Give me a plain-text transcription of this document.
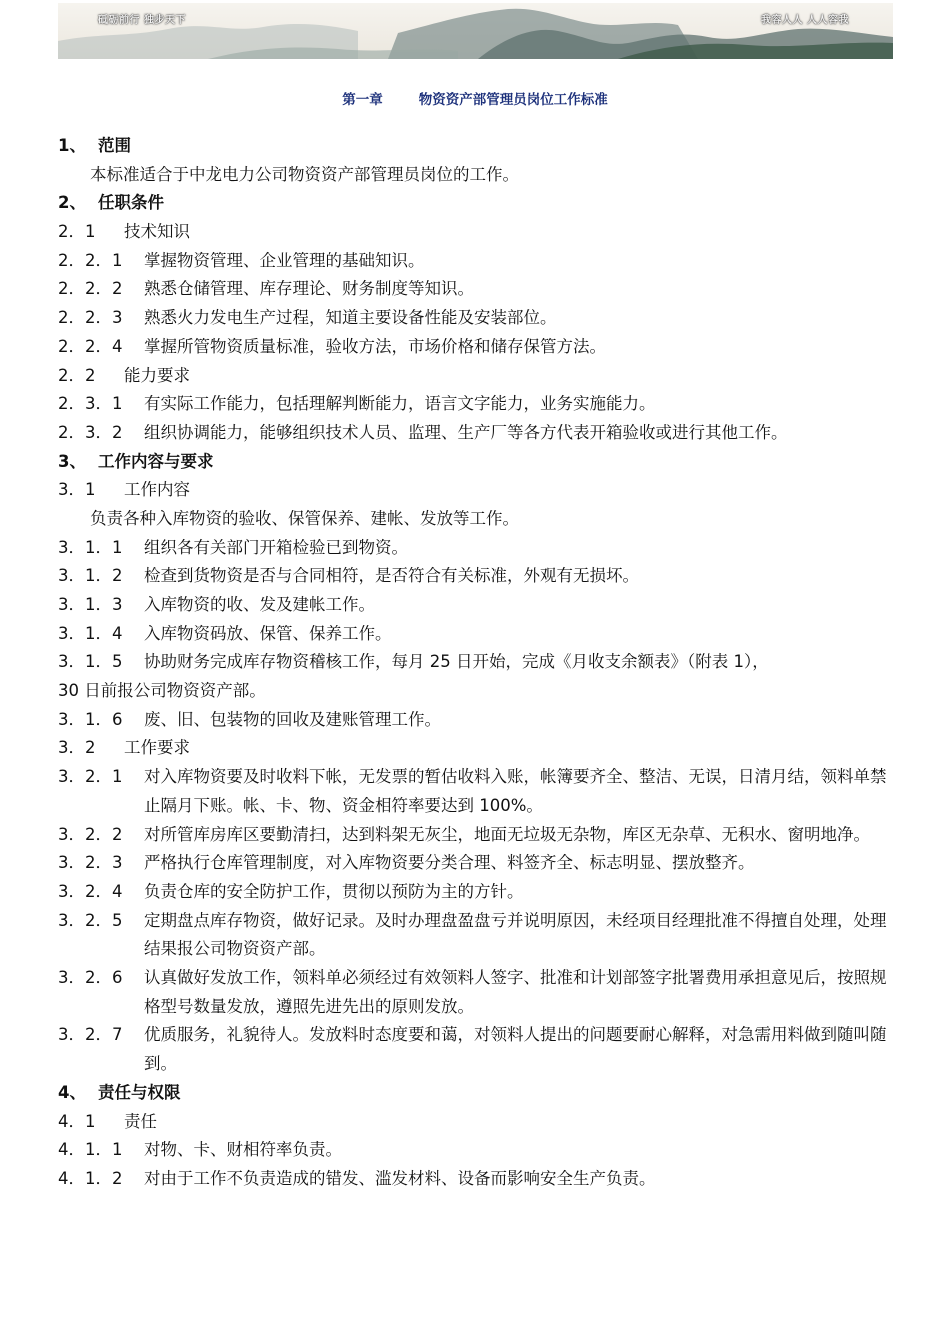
砥砺前行 独步天下	我容人人 人人容我
第一章	物资资产部管理员岗位工作标准
1、 范围
本标准适合于中龙电力公司物资资产部管理员岗位的工作。
2、 任职条件
2．1 技术知识
2．2．1 掌握物资管理、企业管理的基础知识。
2．2．2 熟悉仓储管理、库存理论、财务制度等知识。
2．2．3 熟悉火力发电生产过程，知道主要设备性能及安装部位。
2．2．4 掌握所管物资质量标准，验收方法，市场价格和储存保管方法。
2．2 能力要求
2．3．1 有实际工作能力，包括理解判断能力，语言文字能力，业务实施能力。
2．3．2 组织协调能力，能够组织技术人员、监理、生产厂等各方代表开箱验收或进行其他工作。
3、 工作内容与要求
3．1 工作内容
负责各种入库物资的验收、保管保养、建帐、发放等工作。
3．1．1 组织各有关部门开箱检验已到物资。
3．1．2 检查到货物资是否与合同相符，是否符合有关标准，外观有无损坏。
3．1．3 入库物资的收、发及建帐工作。
3．1．4 入库物资码放、保管、保养工作。
3．1．5 协助财务完成库存物资稽核工作，每月 25 日开始，完成《月收支余额表》（附表 1），
30 日前报公司物资资产部。
3．1．6 废、旧、包装物的回收及建账管理工作。
3．2 工作要求
3．2．1 对入库物资要及时收料下帐，无发票的暂估收料入账，帐簿要齐全、整洁、无误，日清月结，领料单禁止隔月下账。帐、卡、物、资金相符率要达到 100%。
3．2．2 对所管库房库区要勤清扫，达到料架无灰尘，地面无垃圾无杂物，库区无杂草、无积水、窗明地净。
3．2．3 严格执行仓库管理制度，对入库物资要分类合理、料签齐全、标志明显、摆放整齐。
3．2．4 负责仓库的安全防护工作，贯彻以预防为主的方针。
3．2．5 定期盘点库存物资，做好记录。及时办理盘盈盘亏并说明原因，未经项目经理批准不得擅自处理，处理结果报公司物资资产部。
3．2．6 认真做好发放工作，领料单必须经过有效领料人签字、批准和计划部签字批署费用承担意见后，按照规格型号数量发放，遵照先进先出的原则发放。
3．2．7 优质服务，礼貌待人。发放料时态度要和蔼，对领料人提出的问题要耐心解释，对急需用料做到随叫随到。
4、 责任与权限
4．1 责任
4．1．1 对物、卡、财相符率负责。
4．1．2 对由于工作不负责造成的错发、滥发材料、设备而影响安全生产负责。
